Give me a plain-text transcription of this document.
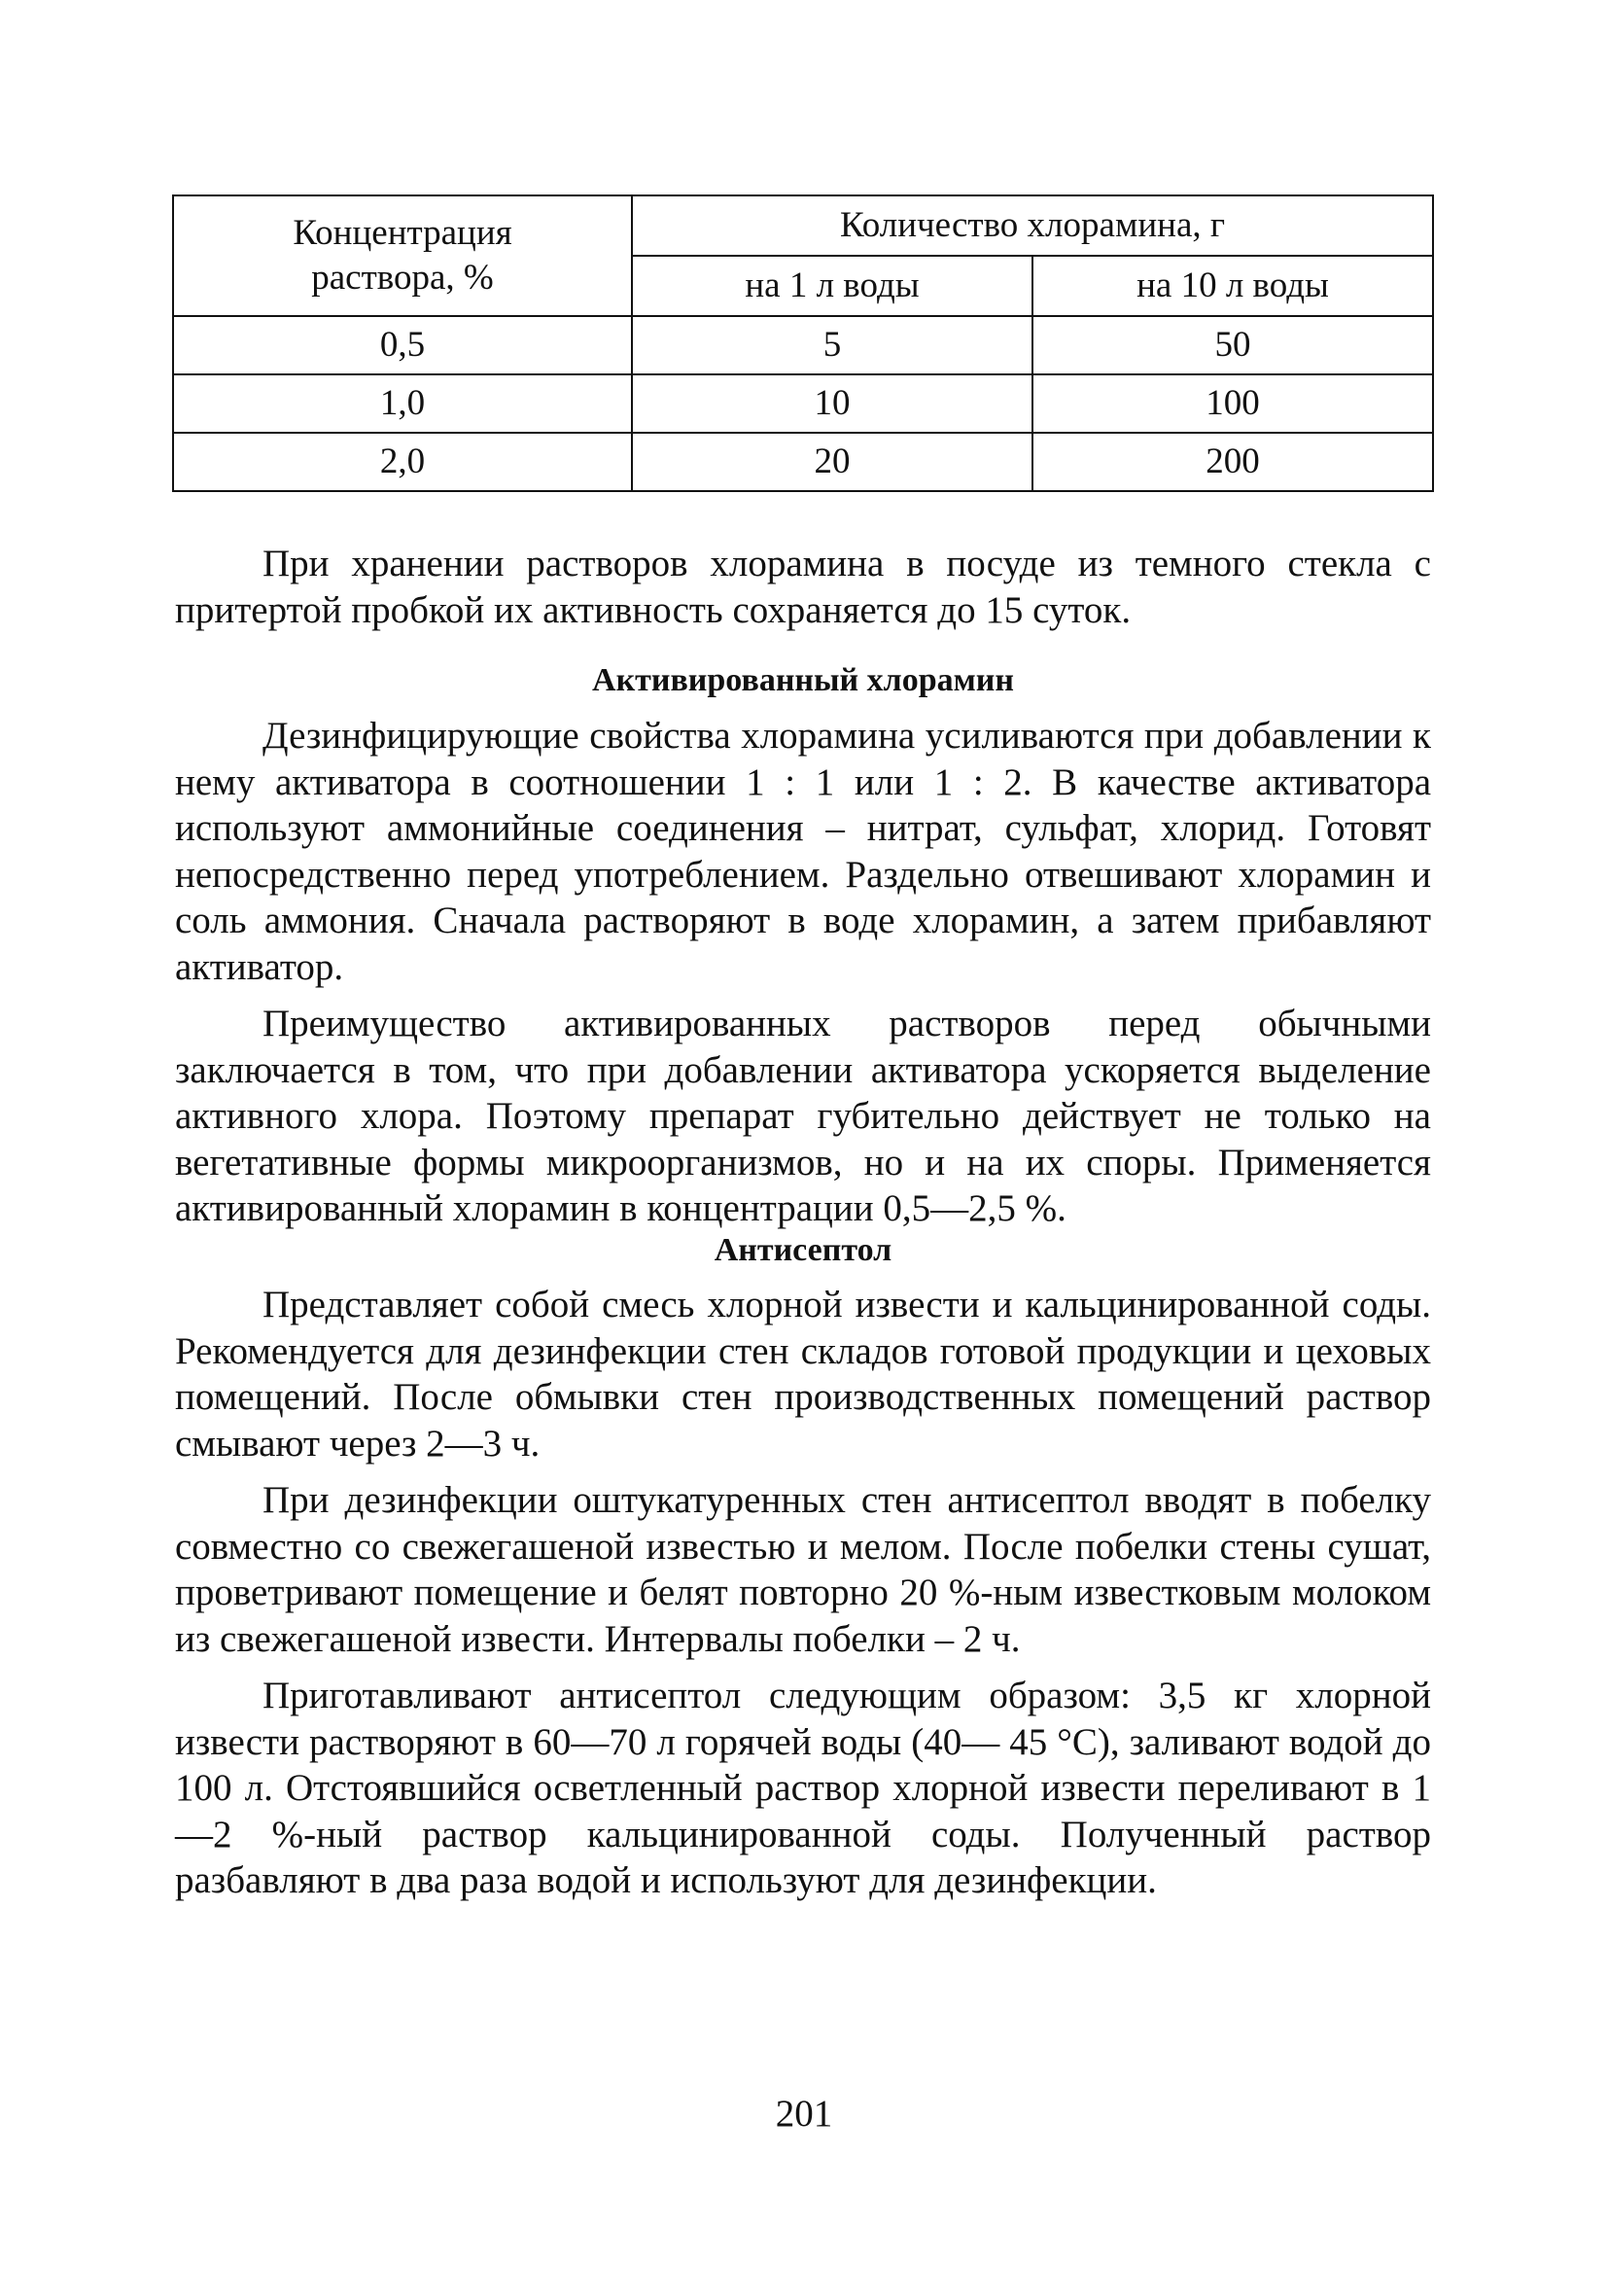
Концентрация раствора, %	Количество хлорамина, г	
	на 1 л воды	на 10 л воды
0,5	5	50
1,0	10	100
2,0	20	200

При хранении растворов хлорамина в посуде из темного стекла с притертой пробкой их активность сохраняется до 15 суток.

Активированный хлорамин

Дезинфицирующие свойства хлорамина усиливаются при добавлении к нему активатора в соотношении 1 : 1 или 1 : 2. В качестве активатора используют аммонийные соединения – нитрат, сульфат, хлорид. Готовят непосредственно перед употреблением. Раздельно отвешивают хлорамин и соль аммония. Сначала растворяют в воде хлорамин, а затем прибавляют активатор.

Преимущество активированных растворов перед обычными заключается в том, что при добавлении активатора ускоряется выделение активного хлора. Поэтому препарат губительно действует не только на вегетативные формы микроорганизмов, но и на их споры. Применяется активированный хлорамин в концентрации 0,5—2,5 %.

Антисептол

Представляет собой смесь хлорной извести и кальцинированной соды. Рекомендуется для дезинфекции стен складов готовой продукции и цеховых помещений. После обмывки стен производственных помещений раствор смывают через 2—3 ч.

При дезинфекции оштукатуренных стен антисептол вводят в побелку совместно со свежегашеной известью и мелом. После побелки стены сушат, проветривают помещение и белят повторно 20 %-ным известковым молоком из свежегашеной извести. Интервалы побелки – 2 ч.

Приготавливают антисептол следующим образом: 3,5 кг хлорной извести растворяют в 60—70 л горячей воды (40— 45 °С), заливают водой до 100 л. Отстоявшийся осветленный раствор хлорной извести переливают в 1—2 %-ный раствор кальцинированной соды. Полученный раствор разбавляют в два раза водой и используют для дезинфекции.

201
